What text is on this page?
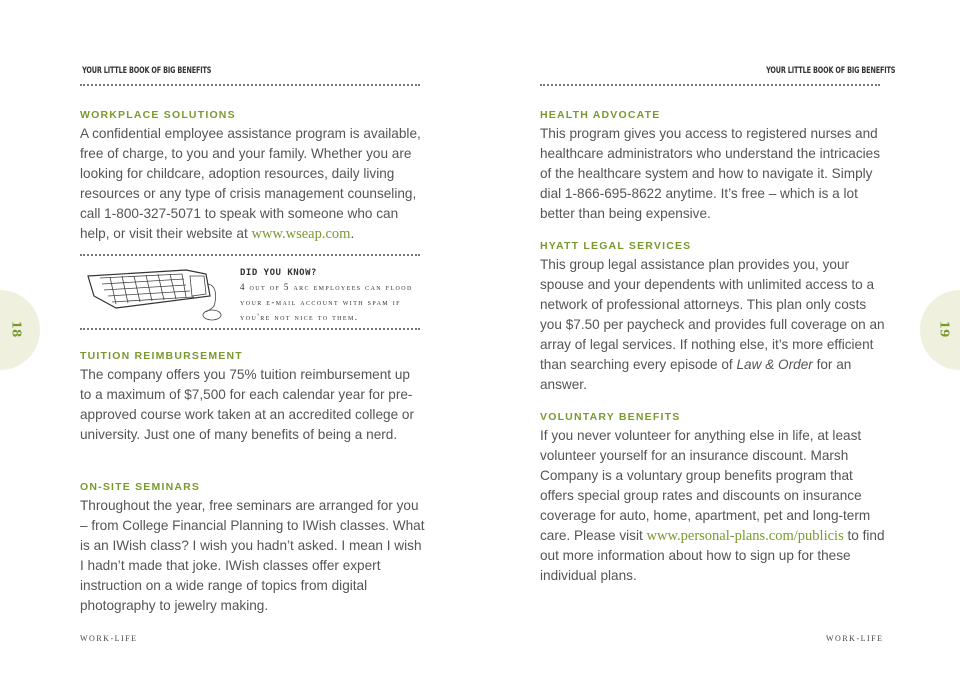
YOUR LITTLE BOOK OF BIG BENEFITS	YOUR LITTLE BOOK OF BIG BENEFITS
18	19
WORKPLACE SOLUTIONS

A confidential employee assistance program is available, free of charge, to you and your family. Whether you are looking for childcare, adoption resources, daily living resources or any type of crisis management counseling, call 1-800-327-5071 to speak with someone who can help, or visit their website at www.wseap.com.

DID YOU KNOW?
4 out of 5 arc employees can flood your e-mail account with spam if you're not nice to them.
TUITION REIMBURSEMENT

The company offers you 75% tuition reimbursement up to a maximum of $7,500 for each calendar year for pre-approved course work taken at an accredited college or university. Just one of many benefits of being a nerd.

ON-SITE SEMINARS

Throughout the year, free seminars are arranged for you – from College Financial Planning to IWish classes. What is an IWish class? I wish you hadn’t asked. I mean I wish I hadn’t made that joke. IWish classes offer expert instruction on a wide range of topics from digital photography to jewelry making.

HEALTH ADVOCATE

This program gives you access to registered nurses and healthcare administrators who understand the intricacies of the healthcare system and how to navigate it. Simply dial 1-866-695-8622 anytime. It’s free – which is a lot better than being expensive.

HYATT LEGAL SERVICES

This group legal assistance plan provides you, your spouse and your dependents with unlimited access to a network of professional attorneys. This plan only costs you $7.50 per paycheck and provides full coverage on an array of legal services. If nothing else, it’s more efficient than searching every episode of Law & Order for an answer.

VOLUNTARY BENEFITS

If you never volunteer for anything else in life, at least volunteer yourself for an insurance discount. Marsh Company is a voluntary group benefits program that offers special group rates and discounts on insurance coverage for auto, home, apartment, pet and long-term care. Please visit www.personal-plans.com/publicis to find out more information about how to sign up for these individual plans.

WORK-LIFE	WORK-LIFE
